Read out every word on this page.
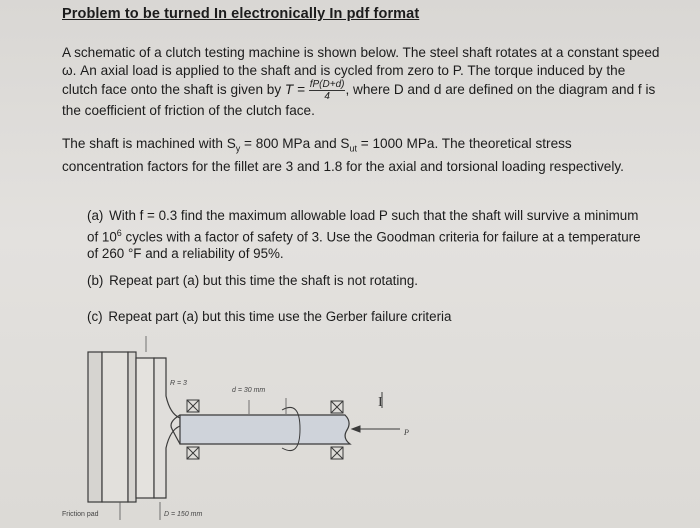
Problem to be turned In electronically In pdf format
A schematic of a clutch testing machine is shown below. The steel shaft rotates at a constant speed ω. An axial load is applied to the shaft and is cycled from zero to P. The torque induced by the clutch face onto the shaft is given by $T = \frac{fP(D+d)}{4}$ , where D and d are defined on the diagram and f is the coefficient of friction of the clutch face.
The shaft is machined with $S_y = 800$ MPa and $S_{ut} = 1000$ MPa. The theoretical stress concentration factors for the fillet are 3 and 1.8 for the axial and torsional loading respectively.
(a) With f = 0.3 find the maximum allowable load P such that the shaft will survive a minimum of $10^6$ cycles with a factor of safety of 3. Use the Goodman criteria for failure at a temperature of 260 °F and a reliability of 95%.
(b) Repeat part (a) but this time the shaft is not rotating.
(c) Repeat part (a) but this time use the Gerber failure criteria
P
I
R = 3
d = 30 mm
D = 150 mm
Friction pad
